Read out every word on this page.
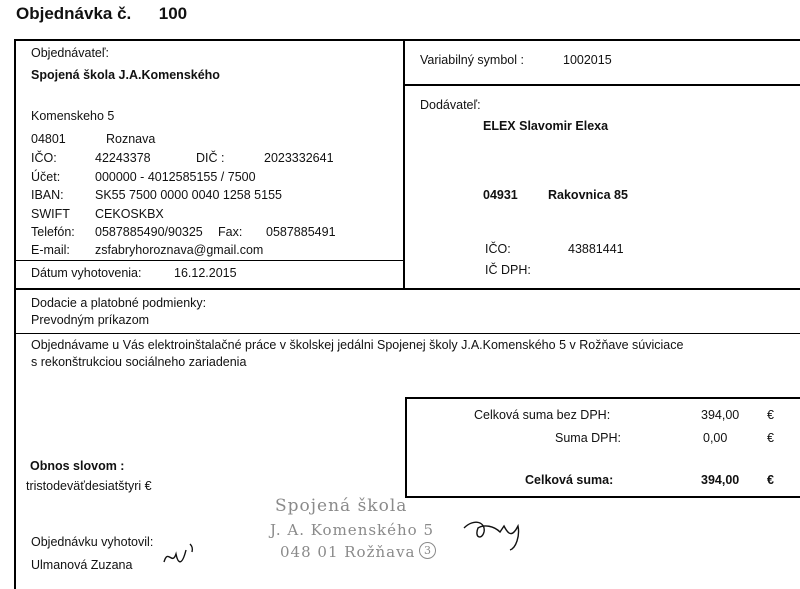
Objednávka č. 100
Objednávateľ:
Spojená škola J.A.Komenského
Komenskeho 5
04801	Roznava
IČO:	42243378	DIČ :	2023332641
Účet:	000000 - 4012585155 / 7500
IBAN:	SK55 7500 0000 0040 1258 5155
SWIFT CEKOSKBX
Telefón: 0587885490/90325 Fax: 0587885491
E-mail: zsfabryhoroznava@gmail.com
Dátum vyhotovenia:	16.12.2015
Variabilný symbol :	1002015
Dodávateľ:
ELEX Slavomir Elexa
04931 Rakovnica 85
IČO:	43881441
IČ DPH:
Dodacie a platobné podmienky:
Prevodným príkazom
Objednávame u Vás elektroinštalačné práce v školskej jedálni Spojenej školy J.A.Komenského 5 v Rožňave súviciace
s rekonštrukciou sociálneho zariadenia
Celková suma bez DPH:	394,00 €
Suma DPH:	0,00	€
Celková suma:	394,00 €
Obnos slovom :
tristodeväťdesiatštyri €
Objednávku vyhotovil:
Ulmanová Zuzana
Spojená škola
J. A. Komenského 5
048 01 Rožňava 3
